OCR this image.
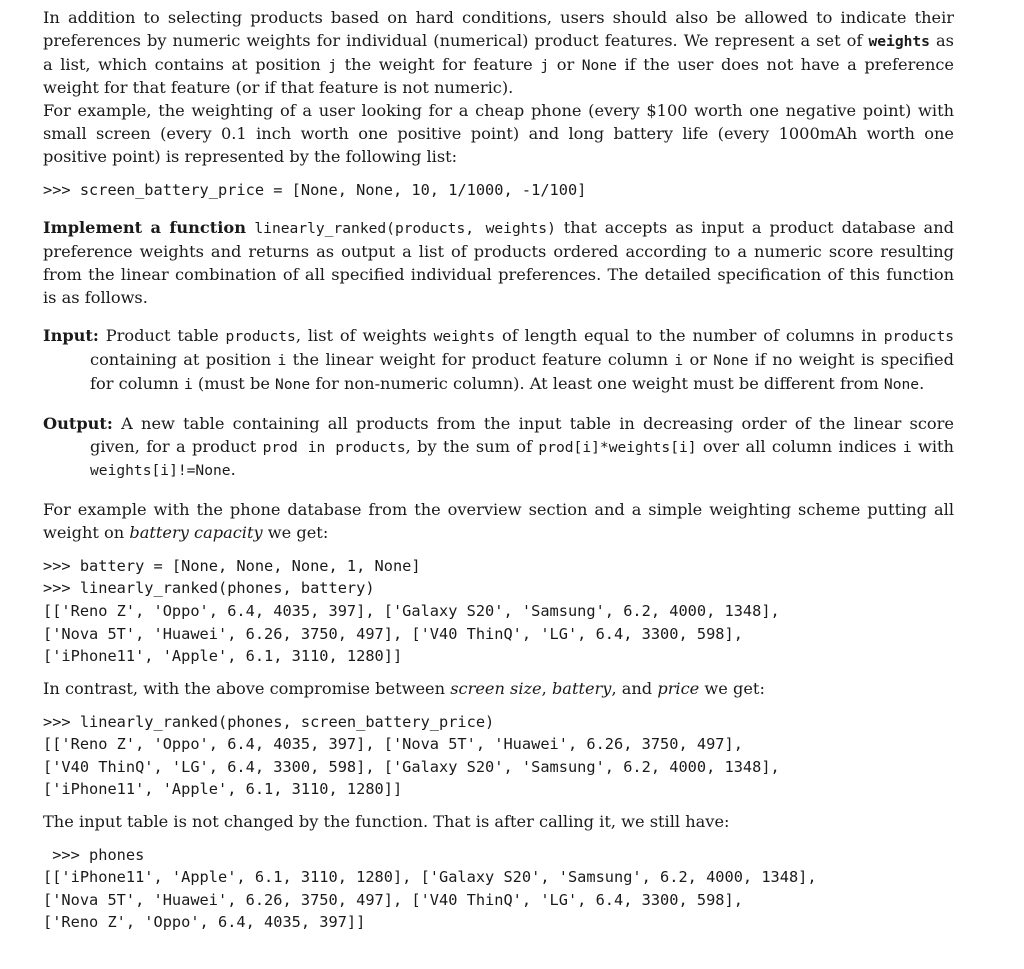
In addition to selecting products based on hard conditions, users should also be allowed to indicate their preferences by numeric weights for individual (numerical) product features. We represent a set of weights as a list, which contains at position j the weight for feature j or None if the user does not have a preference weight for that feature (or if that feature is not numeric).

For example, the weighting of a user looking for a cheap phone (every $100 worth one negative point) with small screen (every 0.1 inch worth one positive point) and long battery life (every 1000mAh worth one positive point) is represented by the following list:

>>> screen_battery_price = [None, None, 10, 1/1000, -1/100]

Implement a function linearly_ranked(products, weights) that accepts as input a product database and preference weights and returns as output a list of products ordered according to a numeric score resulting from the linear combination of all specified individual preferences. The detailed specification of this function is as follows.

Input: Product table products, list of weights weights of length equal to the number of columns in products containing at position i the linear weight for product feature column i or None if no weight is specified for column i (must be None for non-numeric column). At least one weight must be different from None.

Output: A new table containing all products from the input table in decreasing order of the linear score given, for a product prod in products, by the sum of prod[i]*weights[i] over all column indices i with weights[i]!=None.

For example with the phone database from the overview section and a simple weighting scheme putting all weight on battery capacity we get:

>>> battery = [None, None, None, 1, None]
>>> linearly_ranked(phones, battery)
[['Reno Z', 'Oppo', 6.4, 4035, 397], ['Galaxy S20', 'Samsung', 6.2, 4000, 1348],
['Nova 5T', 'Huawei', 6.26, 3750, 497], ['V40 ThinQ', 'LG', 6.4, 3300, 598],
['iPhone11', 'Apple', 6.1, 3110, 1280]]

In contrast, with the above compromise between screen size, battery, and price we get:

>>> linearly_ranked(phones, screen_battery_price)
[['Reno Z', 'Oppo', 6.4, 4035, 397], ['Nova 5T', 'Huawei', 6.26, 3750, 497],
['V40 ThinQ', 'LG', 6.4, 3300, 598], ['Galaxy S20', 'Samsung', 6.2, 4000, 1348],
['iPhone11', 'Apple', 6.1, 3110, 1280]]

The input table is not changed by the function. That is after calling it, we still have:

>>> phones
[['iPhone11', 'Apple', 6.1, 3110, 1280], ['Galaxy S20', 'Samsung', 6.2, 4000, 1348],
['Nova 5T', 'Huawei', 6.26, 3750, 497], ['V40 ThinQ', 'LG', 6.4, 3300, 598],
['Reno Z', 'Oppo', 6.4, 4035, 397]]
